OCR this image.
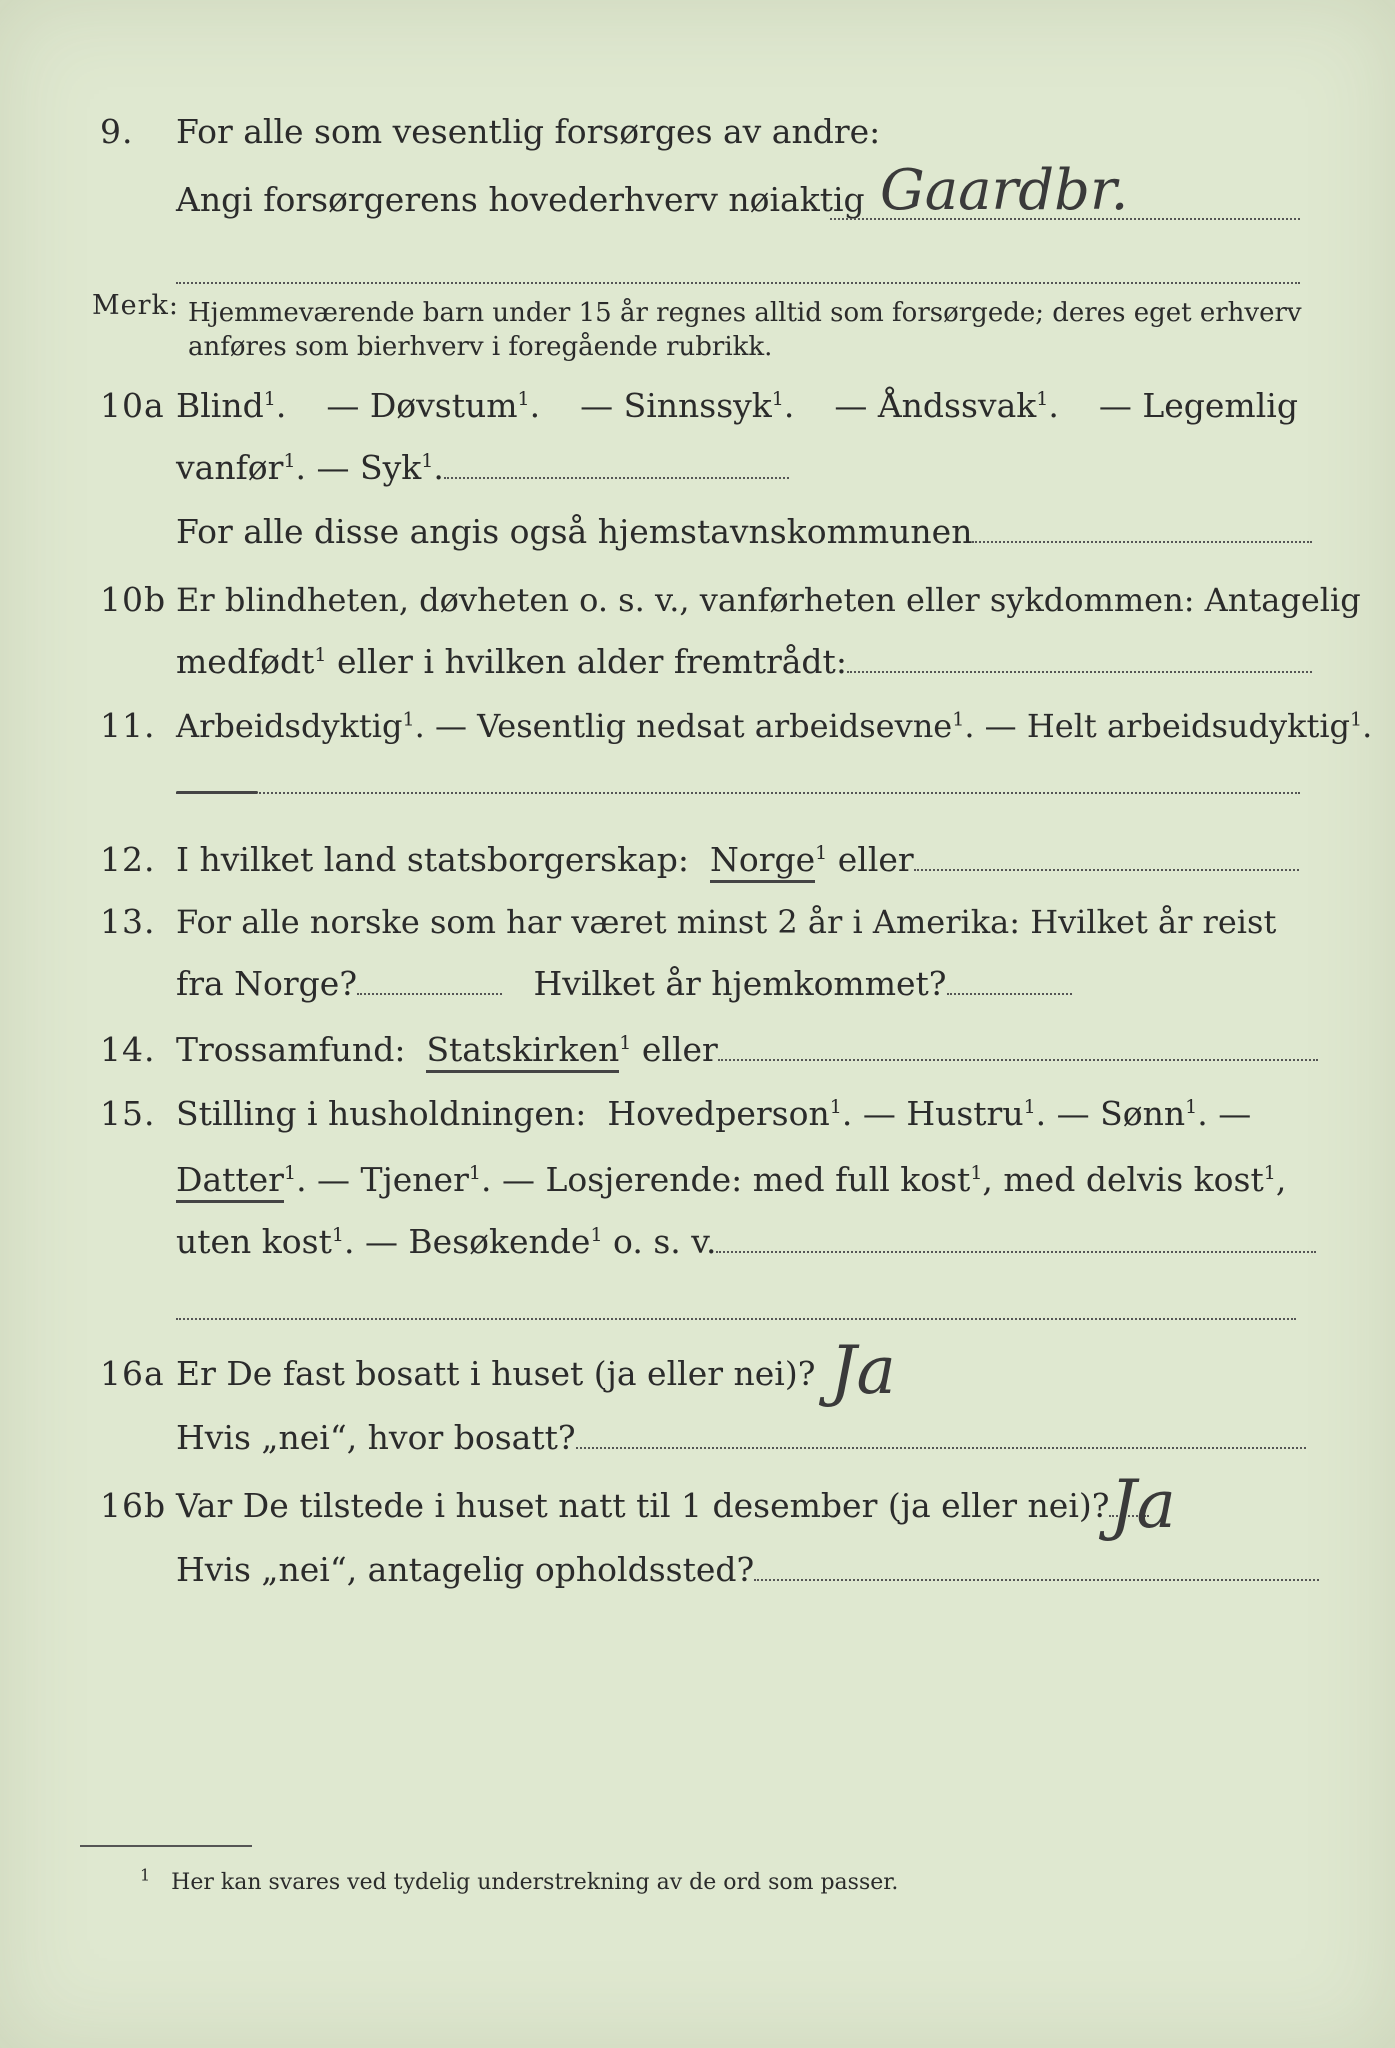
9. For alle som vesentlig forsørges av andre:
Angi forsørgerens hovederhverv nøiaktig Gaardbr.
Merk: Hjemmeværende barn under 15 år regnes alltid som forsørgede; deres eget erhverv
anføres som bierhverv i foregående rubrikk.
10a Blind$^1$. — Døvstum$^1$. — Sinnssyk$^1$. — Åndssvak$^1$. — Legemlig
vanfør$^1$. — Syk$^1$.
For alle disse angis også hjemstavnskommunen
10b Er blindheten, døvheten o. s. v., vanførheten eller sykdommen: Antagelig
medfødt$^1$ eller i hvilken alder fremtrådt:
11. Arbeidsdyktig$^1$. — Vesentlig nedsat arbeidsevne$^1$. — Helt arbeidsudyktig$^1$.
12. I hvilket land statsborgerskap: Norge$^1$ eller
13. For alle norske som har været minst 2 år i Amerika: Hvilket år reist
fra Norge?	Hvilket år hjemkommet?
14. Trossamfund: Statskirken$^1$ eller
15. Stilling i husholdningen: Hovedperson$^1$. — Hustru$^1$. — Sønn$^1$. —
Datter$^1$. — Tjener$^1$. — Losjerende: med full kost$^1$, med delvis kost$^1$,
uten kost$^1$. — Besøkende$^1$ o. s. v.
16a Er De fast bosatt i huset (ja eller nei)? Ja
Hvis „nei“, hvor bosatt?
16b Var De tilstede i huset natt til 1 desember (ja eller nei)? Ja
Hvis „nei“, antagelig opholdssted?
$^1$ Her kan svares ved tydelig understrekning av de ord som passer.
